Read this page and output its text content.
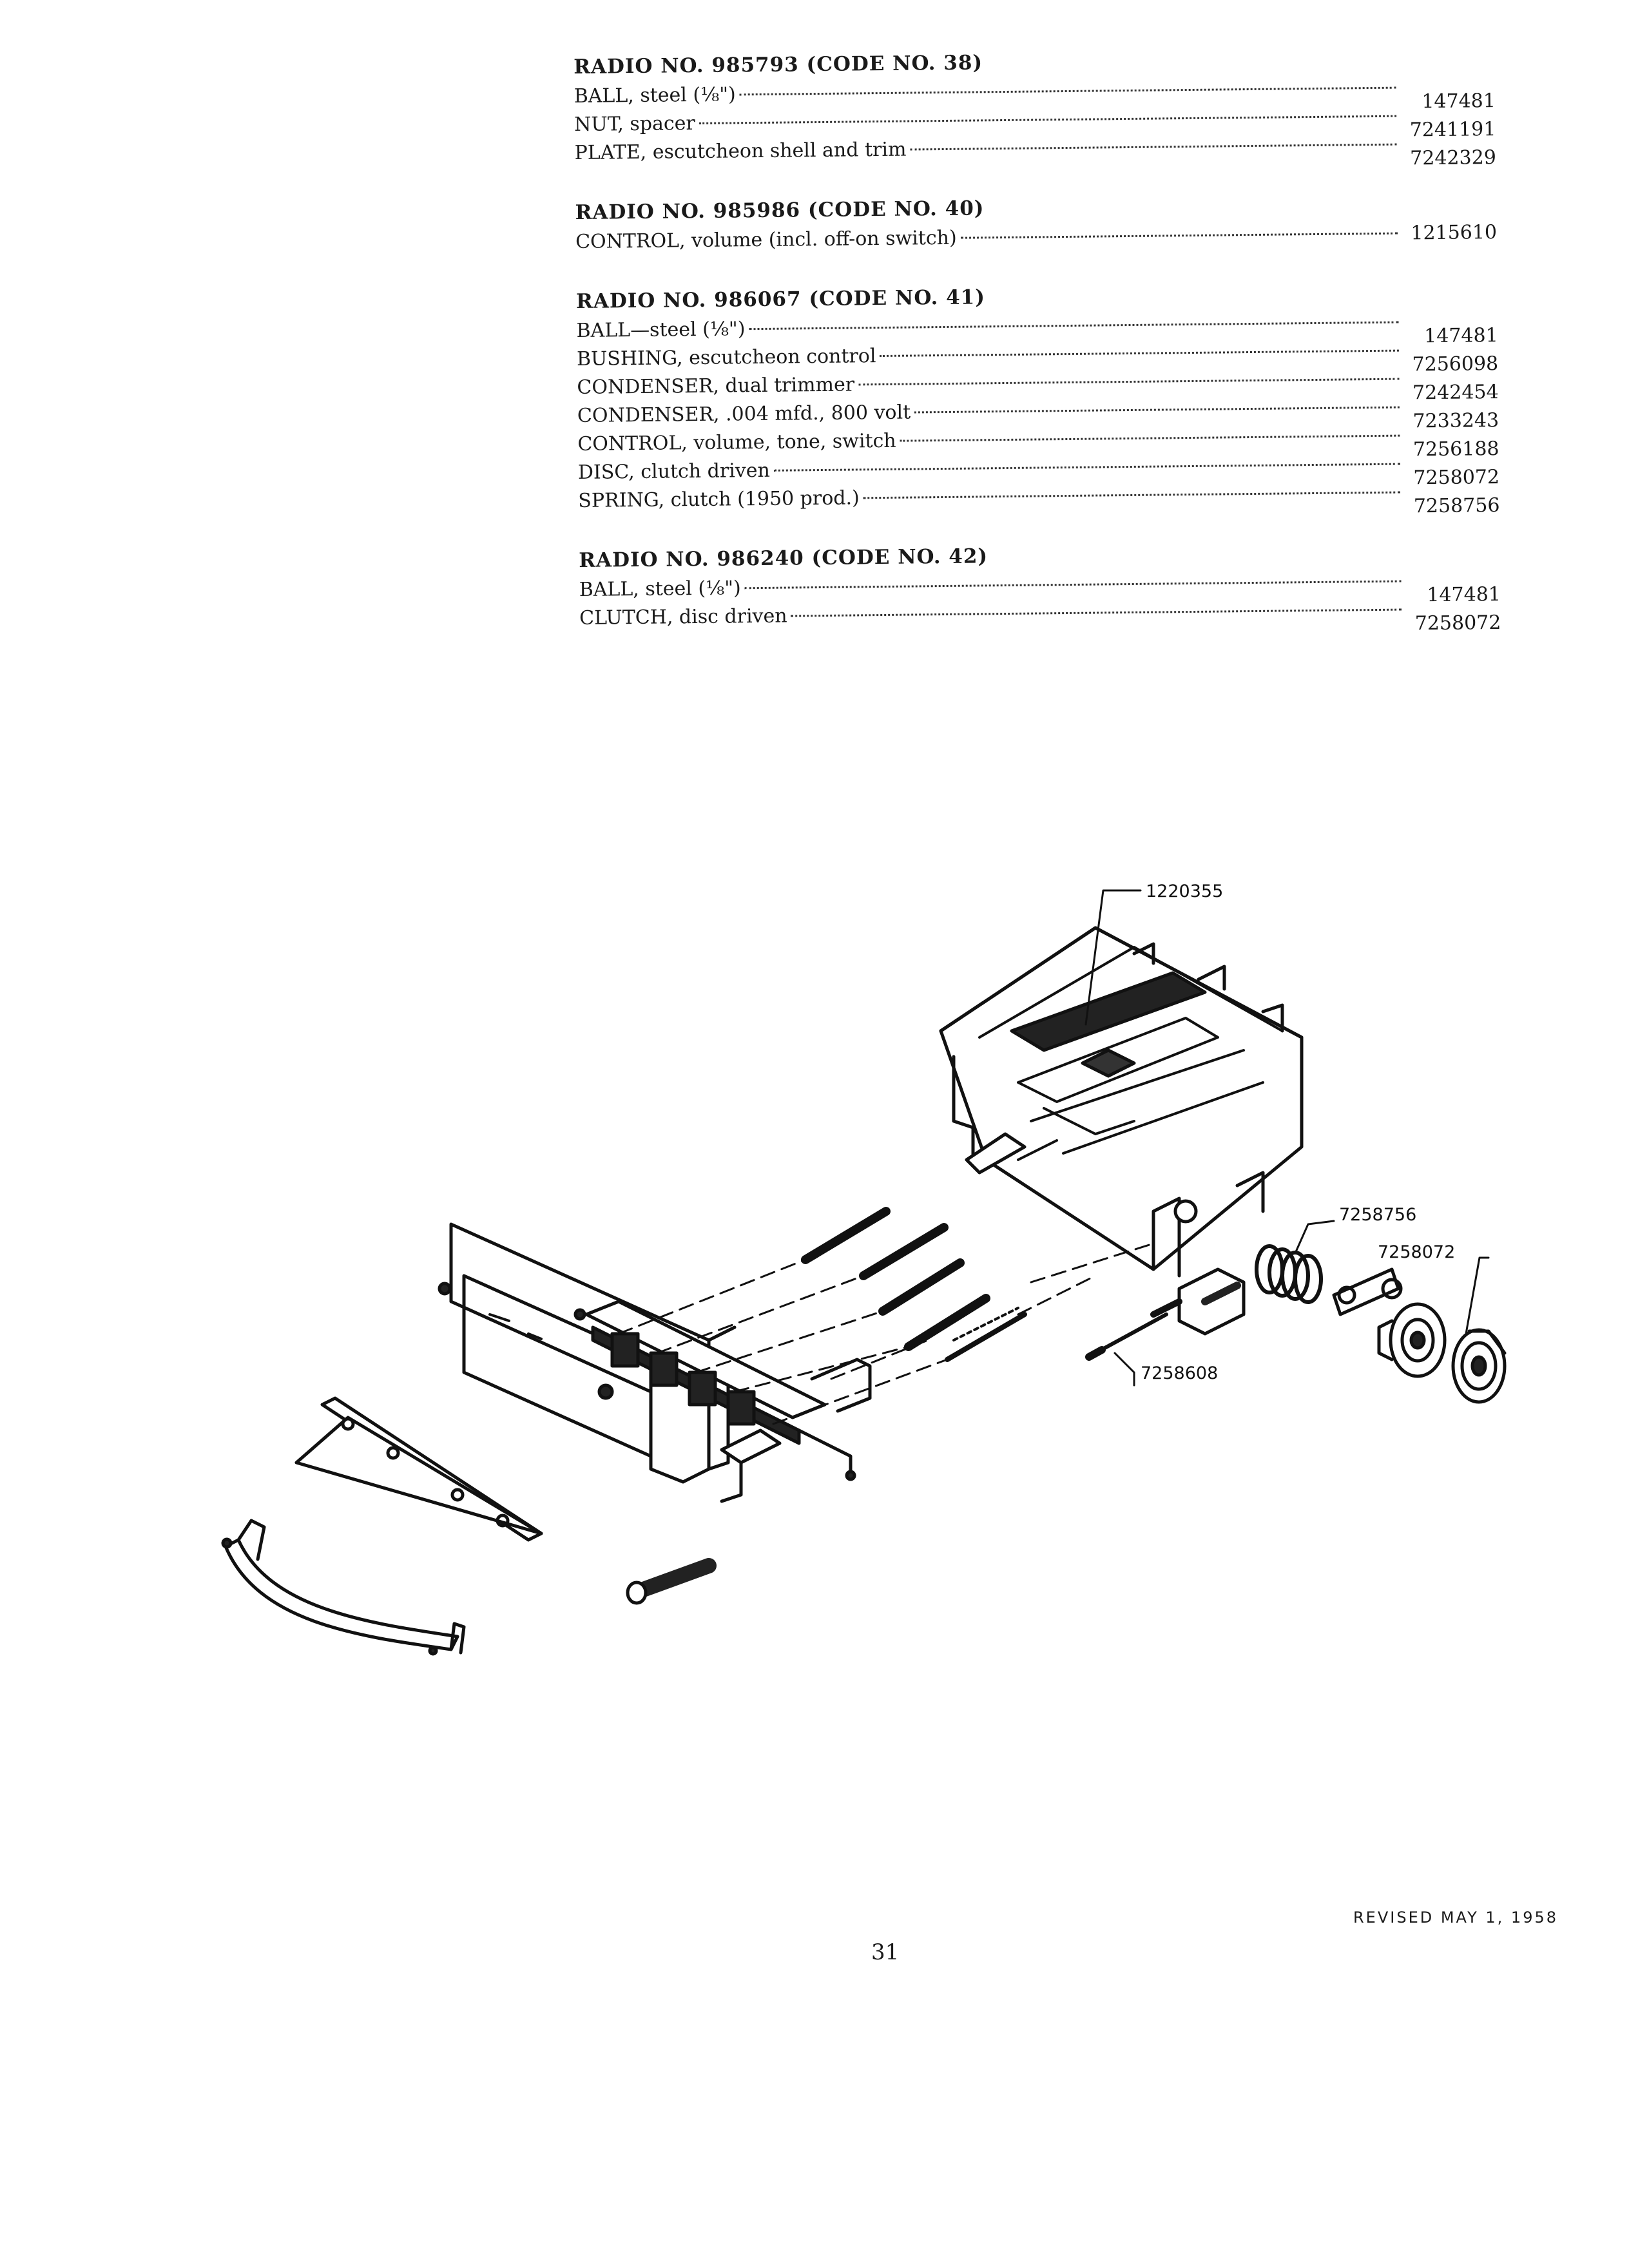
RADIO NO. 985793 (CODE NO. 38)
BALL, steel (⅛")	147481
NUT, spacer	7241191
PLATE, escutcheon shell and trim	7242329
RADIO NO. 985986 (CODE NO. 40)
CONTROL, volume (incl. off-on switch)	1215610
RADIO NO. 986067 (CODE NO. 41)
BALL—steel (⅛")	147481
BUSHING, escutcheon control	7256098
CONDENSER, dual trimmer	7242454
CONDENSER, .004 mfd., 800 volt	7233243
CONTROL, volume, tone, switch	7256188
DISC, clutch driven	7258072
SPRING, clutch (1950 prod.)	7258756
RADIO NO. 986240 (CODE NO. 42)
BALL, steel (⅛")	147481
CLUTCH, disc driven	7258072
1220355
7258756
7258072
7258608
REVISED MAY 1, 1958
31
